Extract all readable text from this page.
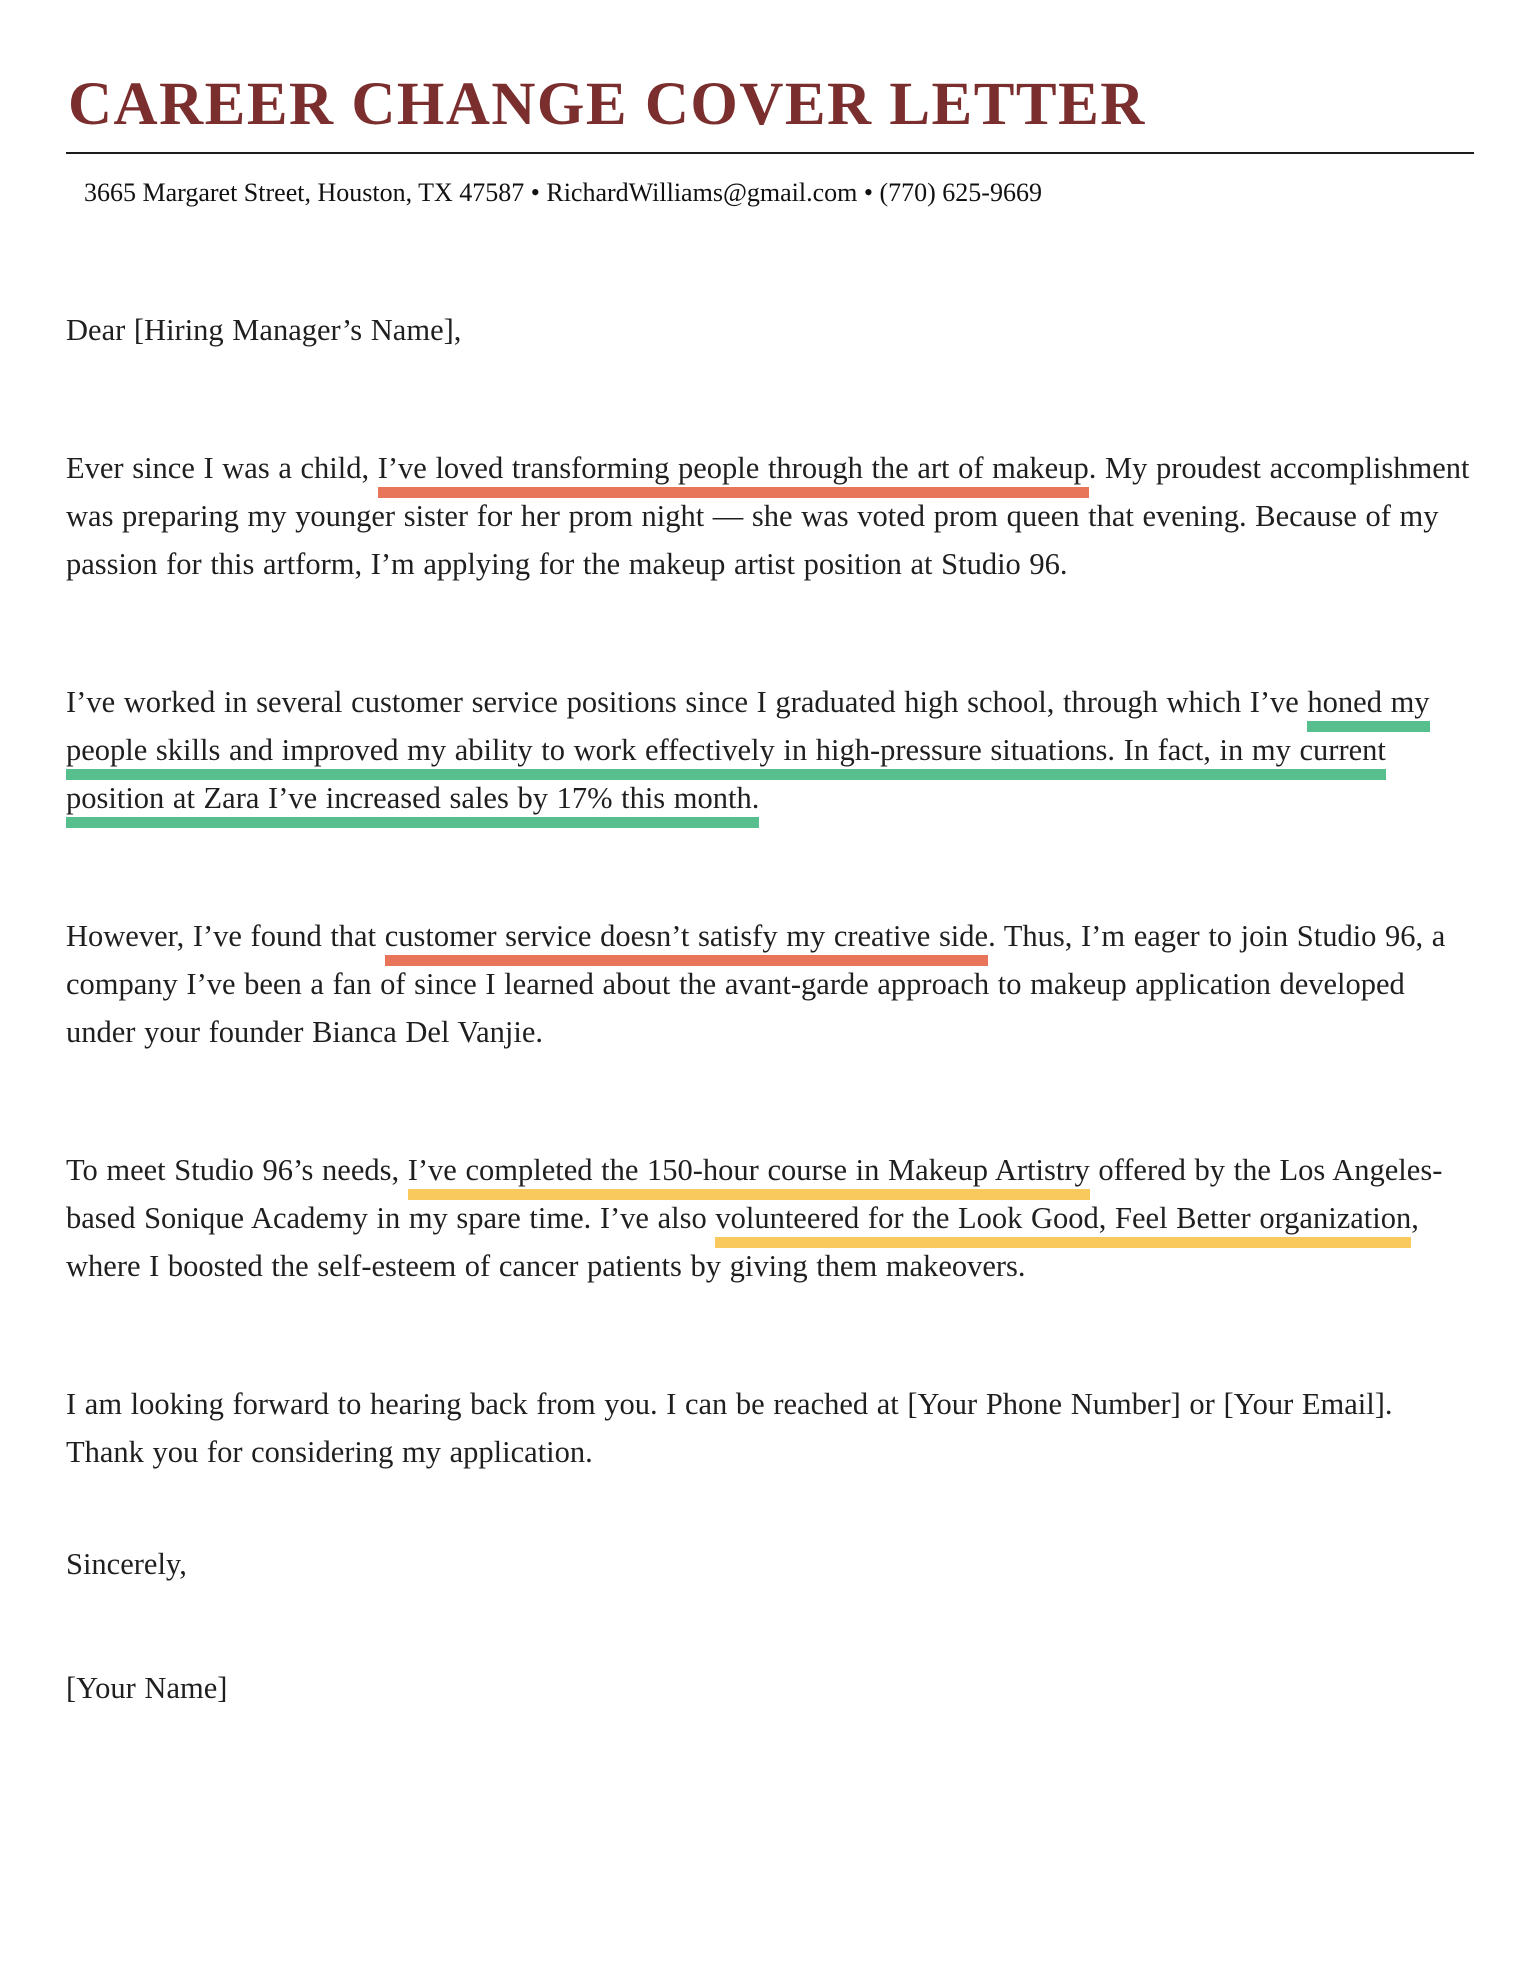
CAREER CHANGE COVER LETTER
3665 Margaret Street, Houston, TX 47587 • RichardWilliams@gmail.com • (770) 625-9669

Dear [Hiring Manager’s Name],

Ever since I was a child, I’ve loved transforming people through the art of makeup. My proudest accomplishment was preparing my younger sister for her prom night — she was voted prom queen that evening. Because of my passion for this artform, I’m applying for the makeup artist position at Studio 96.

I’ve worked in several customer service positions since I graduated high school, through which I’ve honed my people skills and improved my ability to work effectively in high-pressure situations. In fact, in my current position at Zara I’ve increased sales by 17% this month.

However, I’ve found that customer service doesn’t satisfy my creative side. Thus, I’m eager to join Studio 96, a company I’ve been a fan of since I learned about the avant-garde approach to makeup application developed under your founder Bianca Del Vanjie.

To meet Studio 96’s needs, I’ve completed the 150-hour course in Makeup Artistry offered by the Los Angeles-based Sonique Academy in my spare time. I’ve also volunteered for the Look Good, Feel Better organization, where I boosted the self-esteem of cancer patients by giving them makeovers.

I am looking forward to hearing back from you. I can be reached at [Your Phone Number] or [Your Email]. Thank you for considering my application.

Sincerely,

[Your Name]
